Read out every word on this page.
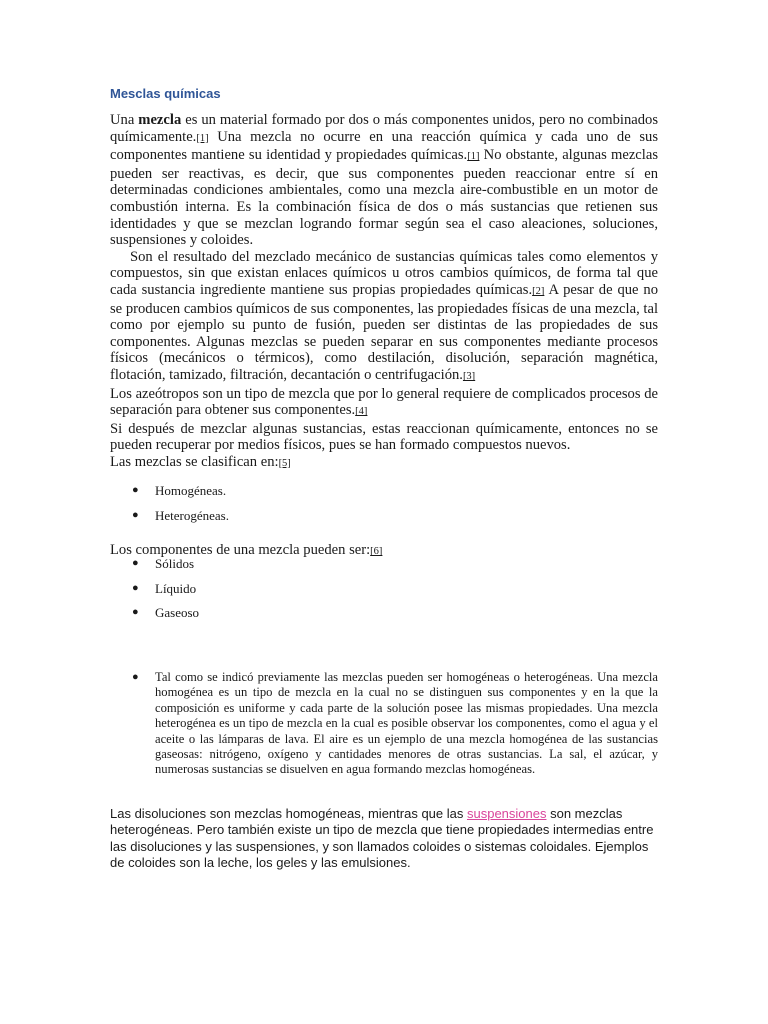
Mesclas químicas

Una mezcla es un material formado por dos o más componentes unidos, pero no combinados químicamente.[1] Una mezcla no ocurre en una reacción química y cada uno de sus componentes mantiene su identidad y propiedades químicas.[1] No obstante, algunas mezclas pueden ser reactivas, es decir, que sus componentes pueden reaccionar entre sí en determinadas condiciones ambientales, como una mezcla aire-combustible en un motor de combustión interna. Es la combinación física de dos o más sustancias que retienen sus identidades y que se mezclan logrando formar según sea el caso aleaciones, soluciones, suspensiones y coloides.
Son el resultado del mezclado mecánico de sustancias químicas tales como elementos y compuestos, sin que existan enlaces químicos u otros cambios químicos, de forma tal que cada sustancia ingrediente mantiene sus propias propiedades químicas.[2] A pesar de que no se producen cambios químicos de sus componentes, las propiedades físicas de una mezcla, tal como por ejemplo su punto de fusión, pueden ser distintas de las propiedades de sus componentes. Algunas mezclas se pueden separar en sus componentes mediante procesos físicos (mecánicos o térmicos), como destilación, disolución, separación magnética, flotación, tamizado, filtración, decantación o centrifugación.[3]
Los azeótropos son un tipo de mezcla que por lo general requiere de complicados procesos de separación para obtener sus componentes.[4]
Si después de mezclar algunas sustancias, estas reaccionan químicamente, entonces no se pueden recuperar por medios físicos, pues se han formado compuestos nuevos.
Las mezclas se clasifican en:[5]

● Homogéneas.
● Heterogéneas.

Los componentes de una mezcla pueden ser:[6]

● Sólidos
● Líquido
● Gaseoso
● Tal como se indicó previamente las mezclas pueden ser homogéneas o heterogéneas. Una mezcla homogénea es un tipo de mezcla en la cual no se distinguen sus componentes y en la que la composición es uniforme y cada parte de la solución posee las mismas propiedades. Una mezcla heterogénea es un tipo de mezcla en la cual es posible observar los componentes, como el agua y el aceite o las lámparas de lava. El aire es un ejemplo de una mezcla homogénea de las sustancias gaseosas: nitrógeno, oxígeno y cantidades menores de otras sustancias. La sal, el azúcar, y numerosas sustancias se disuelven en agua formando mezclas homogéneas.

Las disoluciones son mezclas homogéneas, mientras que las suspensiones son mezclas heterogéneas. Pero también existe un tipo de mezcla que tiene propiedades intermedias entre las disoluciones y las suspensiones, y son llamados coloides o sistemas coloidales. Ejemplos de coloides son la leche, los geles y las emulsiones.
